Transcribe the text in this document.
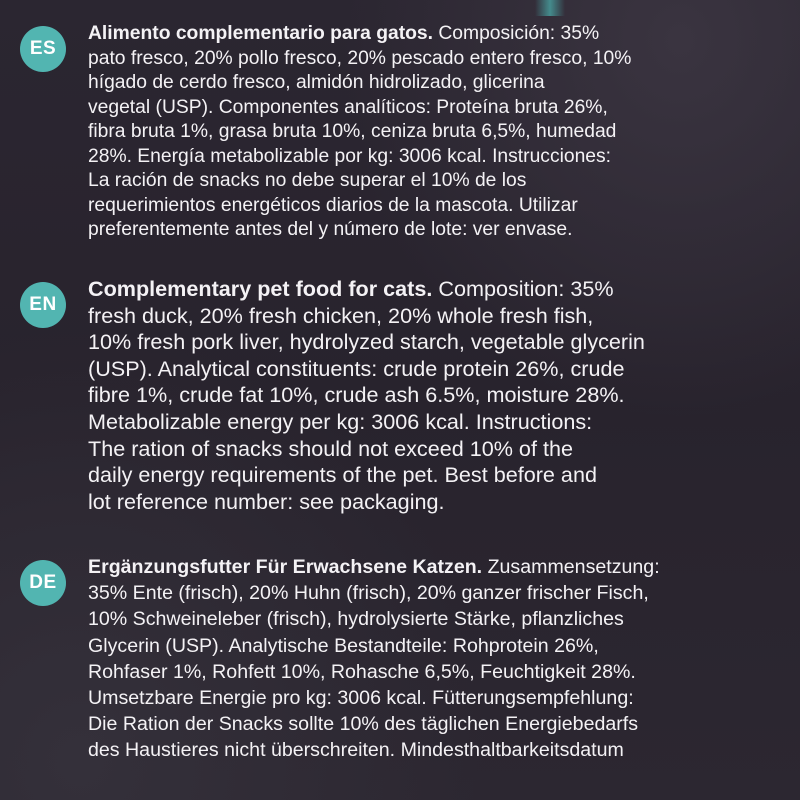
ES

Alimento complementario para gatos. Composición: 35%
pato fresco, 20% pollo fresco, 20% pescado entero fresco, 10%
hígado de cerdo fresco, almidón hidrolizado, glicerina
vegetal (USP). Componentes analíticos: Proteína bruta 26%,
fibra bruta 1%, grasa bruta 10%, ceniza bruta 6,5%, humedad
28%. Energía metabolizable por kg: 3006 kcal. Instrucciones:
La ración de snacks no debe superar el 10% de los
requerimientos energéticos diarios de la mascota. Utilizar
preferentemente antes del y número de lote: ver envase.

EN

Complementary pet food for cats. Composition: 35%
fresh duck, 20% fresh chicken, 20% whole fresh fish,
10% fresh pork liver, hydrolyzed starch, vegetable glycerin
(USP). Analytical constituents: crude protein 26%, crude
fibre 1%, crude fat 10%, crude ash 6.5%, moisture 28%.
Metabolizable energy per kg: 3006 kcal. Instructions:
The ration of snacks should not exceed 10% of the
daily energy requirements of the pet. Best before and
lot reference number: see packaging.

DE

Ergänzungsfutter Für Erwachsene Katzen. Zusammensetzung:
35% Ente (frisch), 20% Huhn (frisch), 20% ganzer frischer Fisch,
10% Schweineleber (frisch), hydrolysierte Stärke, pflanzliches
Glycerin (USP). Analytische Bestandteile: Rohprotein 26%,
Rohfaser 1%, Rohfett 10%, Rohasche 6,5%, Feuchtigkeit 28%.
Umsetzbare Energie pro kg: 3006 kcal. Fütterungsempfehlung:
Die Ration der Snacks sollte 10% des täglichen Energiebedarfs
des Haustieres nicht überschreiten. Mindesthaltbarkeitsdatum
